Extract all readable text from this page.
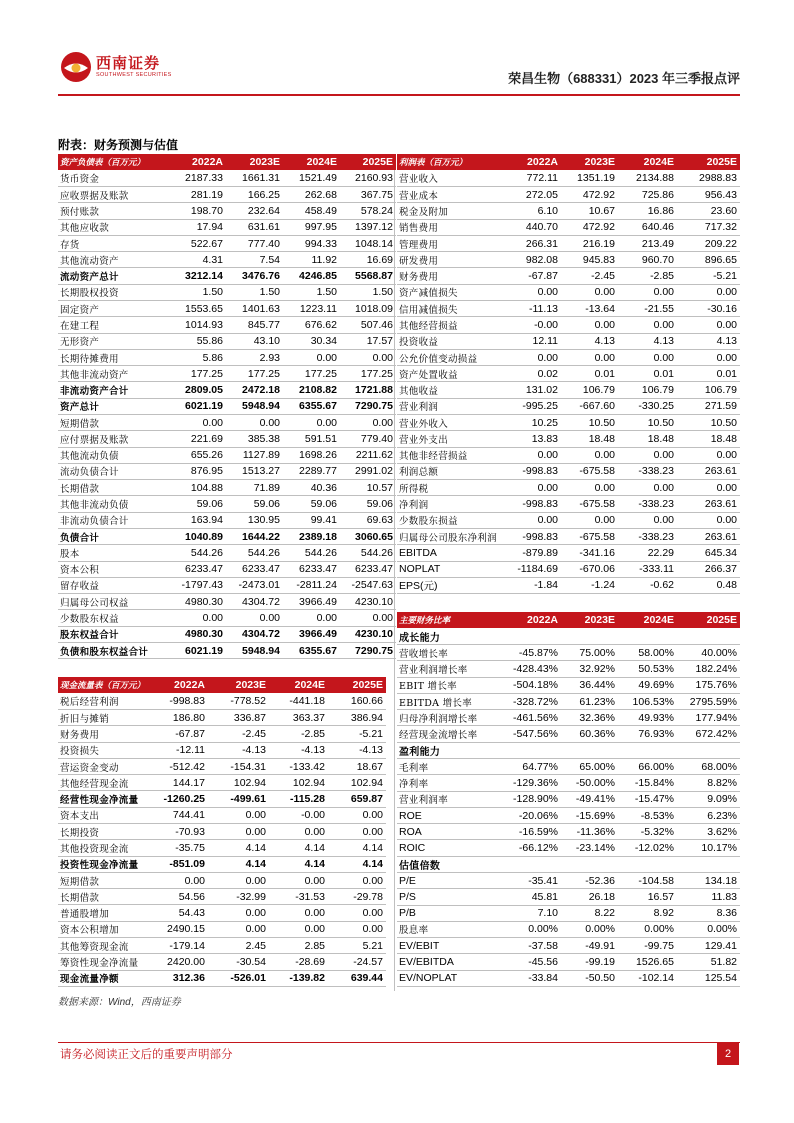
西南证券
SOUTHWEST SECURITIES	荣昌生物（688331）2023 年三季报点评
附表：财务预测与估值
资产负债表（百万元）	2022A	2023E	2024E	2025E
货币资金	2187.33	1661.31	1521.49	2160.93
应收票据及账款	281.19	166.25	262.68	367.75
预付账款	198.70	232.64	458.49	578.24
其他应收款	17.94	631.61	997.95	1397.12
存货	522.67	777.40	994.33	1048.14
其他流动资产	4.31	7.54	11.92	16.69
流动资产总计	3212.14	3476.76	4246.85	5568.87
长期股权投资	1.50	1.50	1.50	1.50
固定资产	1553.65	1401.63	1223.11	1018.09
在建工程	1014.93	845.77	676.62	507.46
无形资产	55.86	43.10	30.34	17.57
长期待摊费用	5.86	2.93	0.00	0.00
其他非流动资产	177.25	177.25	177.25	177.25
非流动资产合计	2809.05	2472.18	2108.82	1721.88
资产总计	6021.19	5948.94	6355.67	7290.75
短期借款	0.00	0.00	0.00	0.00
应付票据及账款	221.69	385.38	591.51	779.40
其他流动负债	655.26	1127.89	1698.26	2211.62
流动负债合计	876.95	1513.27	2289.77	2991.02
长期借款	104.88	71.89	40.36	10.57
其他非流动负债	59.06	59.06	59.06	59.06
非流动负债合计	163.94	130.95	99.41	69.63
负债合计	1040.89	1644.22	2389.18	3060.65
股本	544.26	544.26	544.26	544.26
资本公积	6233.47	6233.47	6233.47	6233.47
留存收益	-1797.43	-2473.01	-2811.24	-2547.63
归属母公司权益	4980.30	4304.72	3966.49	4230.10
少数股东权益	0.00	0.00	0.00	0.00
股东权益合计	4980.30	4304.72	3966.49	4230.10
负债和股东权益合计	6021.19	5948.94	6355.67	7290.75
利润表（百万元）	2022A	2023E	2024E	2025E
营业收入	772.11	1351.19	2134.88	2988.83
营业成本	272.05	472.92	725.86	956.43
税金及附加	6.10	10.67	16.86	23.60
销售费用	440.70	472.92	640.46	717.32
管理费用	266.31	216.19	213.49	209.22
研发费用	982.08	945.83	960.70	896.65
财务费用	-67.87	-2.45	-2.85	-5.21
资产减值损失	0.00	0.00	0.00	0.00
信用减值损失	-11.13	-13.64	-21.55	-30.16
其他经营损益	-0.00	0.00	0.00	0.00
投资收益	12.11	4.13	4.13	4.13
公允价值变动损益	0.00	0.00	0.00	0.00
资产处置收益	0.02	0.01	0.01	0.01
其他收益	131.02	106.79	106.79	106.79
营业利润	-995.25	-667.60	-330.25	271.59
营业外收入	10.25	10.50	10.50	10.50
营业外支出	13.83	18.48	18.48	18.48
其他非经营损益	0.00	0.00	0.00	0.00
利润总额	-998.83	-675.58	-338.23	263.61
所得税	0.00	0.00	0.00	0.00
净利润	-998.83	-675.58	-338.23	263.61
少数股东损益	0.00	0.00	0.00	0.00
归属母公司股东净利润	-998.83	-675.58	-338.23	263.61
EBITDA	-879.89	-341.16	22.29	645.34
NOPLAT	-1184.69	-670.06	-333.11	266.37
EPS(元)	-1.84	-1.24	-0.62	0.48
现金流量表（百万元）	2022A	2023E	2024E	2025E
税后经营利润	-998.83	-778.52	-441.18	160.66
折旧与摊销	186.80	336.87	363.37	386.94
财务费用	-67.87	-2.45	-2.85	-5.21
投资损失	-12.11	-4.13	-4.13	-4.13
营运资金变动	-512.42	-154.31	-133.42	18.67
其他经营现金流	144.17	102.94	102.94	102.94
经营性现金净流量	-1260.25	-499.61	-115.28	659.87
资本支出	744.41	0.00	-0.00	0.00
长期投资	-70.93	0.00	0.00	0.00
其他投资现金流	-35.75	4.14	4.14	4.14
投资性现金净流量	-851.09	4.14	4.14	4.14
短期借款	0.00	0.00	0.00	0.00
长期借款	54.56	-32.99	-31.53	-29.78
普通股增加	54.43	0.00	0.00	0.00
资本公积增加	2490.15	0.00	0.00	0.00
其他筹资现金流	-179.14	2.45	2.85	5.21
筹资性现金净流量	2420.00	-30.54	-28.69	-24.57
现金流量净额	312.36	-526.01	-139.82	639.44
主要财务比率	2022A	2023E	2024E	2025E
成长能力				
营收增长率	-45.87%	75.00%	58.00%	40.00%
营业利润增长率	-428.43%	32.92%	50.53%	182.24%
EBIT 增长率	-504.18%	36.44%	49.69%	175.76%
EBITDA 增长率	-328.72%	61.23%	106.53%	2795.59%
归母净利润增长率	-461.56%	32.36%	49.93%	177.94%
经营现金流增长率	-547.56%	60.36%	76.93%	672.42%
盈利能力				
毛利率	64.77%	65.00%	66.00%	68.00%
净利率	-129.36%	-50.00%	-15.84%	8.82%
营业利润率	-128.90%	-49.41%	-15.47%	9.09%
ROE	-20.06%	-15.69%	-8.53%	6.23%
ROA	-16.59%	-11.36%	-5.32%	3.62%
ROIC	-66.12%	-23.14%	-12.02%	10.17%
估值倍数				
P/E	-35.41	-52.36	-104.58	134.18
P/S	45.81	26.18	16.57	11.83
P/B	7.10	8.22	8.92	8.36
股息率	0.00%	0.00%	0.00%	0.00%
EV/EBIT	-37.58	-49.91	-99.75	129.41
EV/EBITDA	-45.56	-99.19	1526.65	51.82
EV/NOPLAT	-33.84	-50.50	-102.14	125.54
数据来源：Wind，西南证券
请务必阅读正文后的重要声明部分	2
